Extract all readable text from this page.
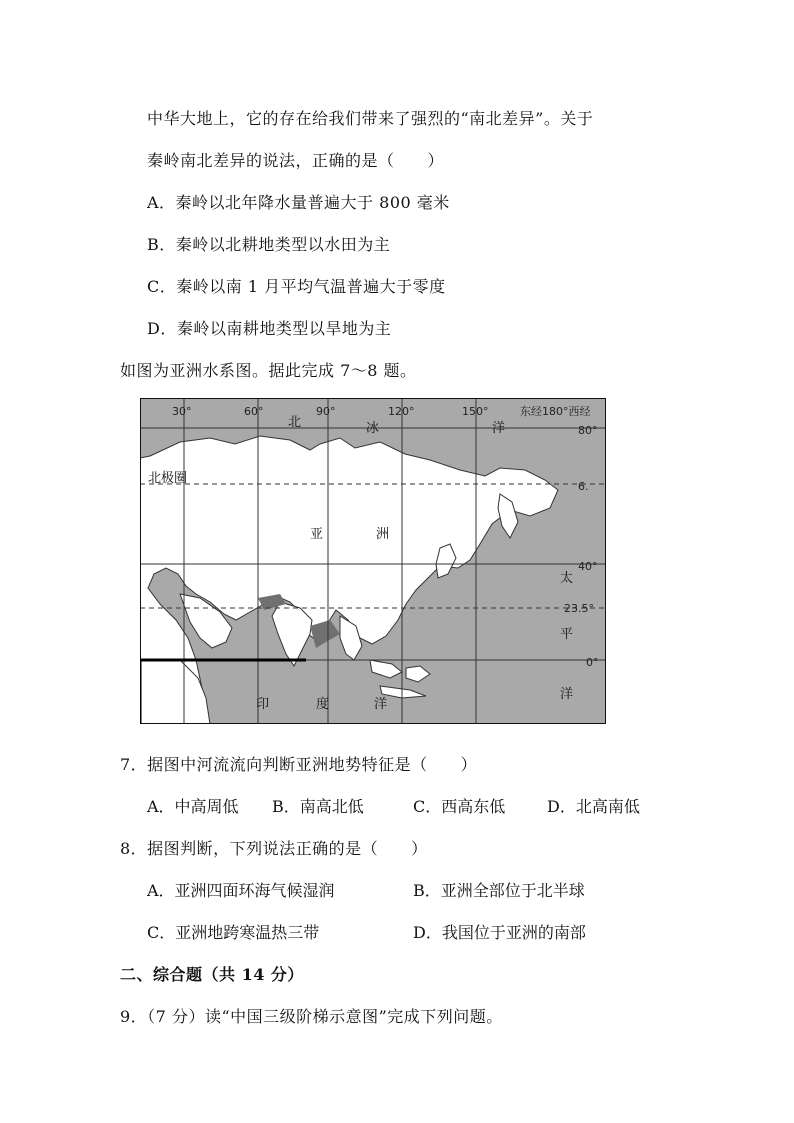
中华大地上，它的存在给我们带来了强烈的“南北差异”。关于
秦岭南北差异的说法，正确的是（　　）
A．秦岭以北年降水量普遍大于 800 毫米
B．秦岭以北耕地类型以水田为主
C．秦岭以南 1 月平均气温普遍大于零度
D．秦岭以南耕地类型以旱地为主
如图为亚洲水系图。据此完成 7～8 题。
30°	60°	90°	120°	150°	东经180°西经
80°
6.
40°
23.5°
0°
北	冰	洋
北极圈
亚	洲
太
平
洋
印	度	洋
7．据图中河流流向判断亚洲地势特征是（　　）
A．中高周低 B．南高北低	C．西高东低	D．北高南低
8．据图判断，下列说法正确的是（　　）
A．亚洲四面环海气候湿润	B．亚洲全部位于北半球
C．亚洲地跨寒温热三带	D．我国位于亚洲的南部
二、综合题（共 14 分）
9．（7 分）读“中国三级阶梯示意图”完成下列问题。
